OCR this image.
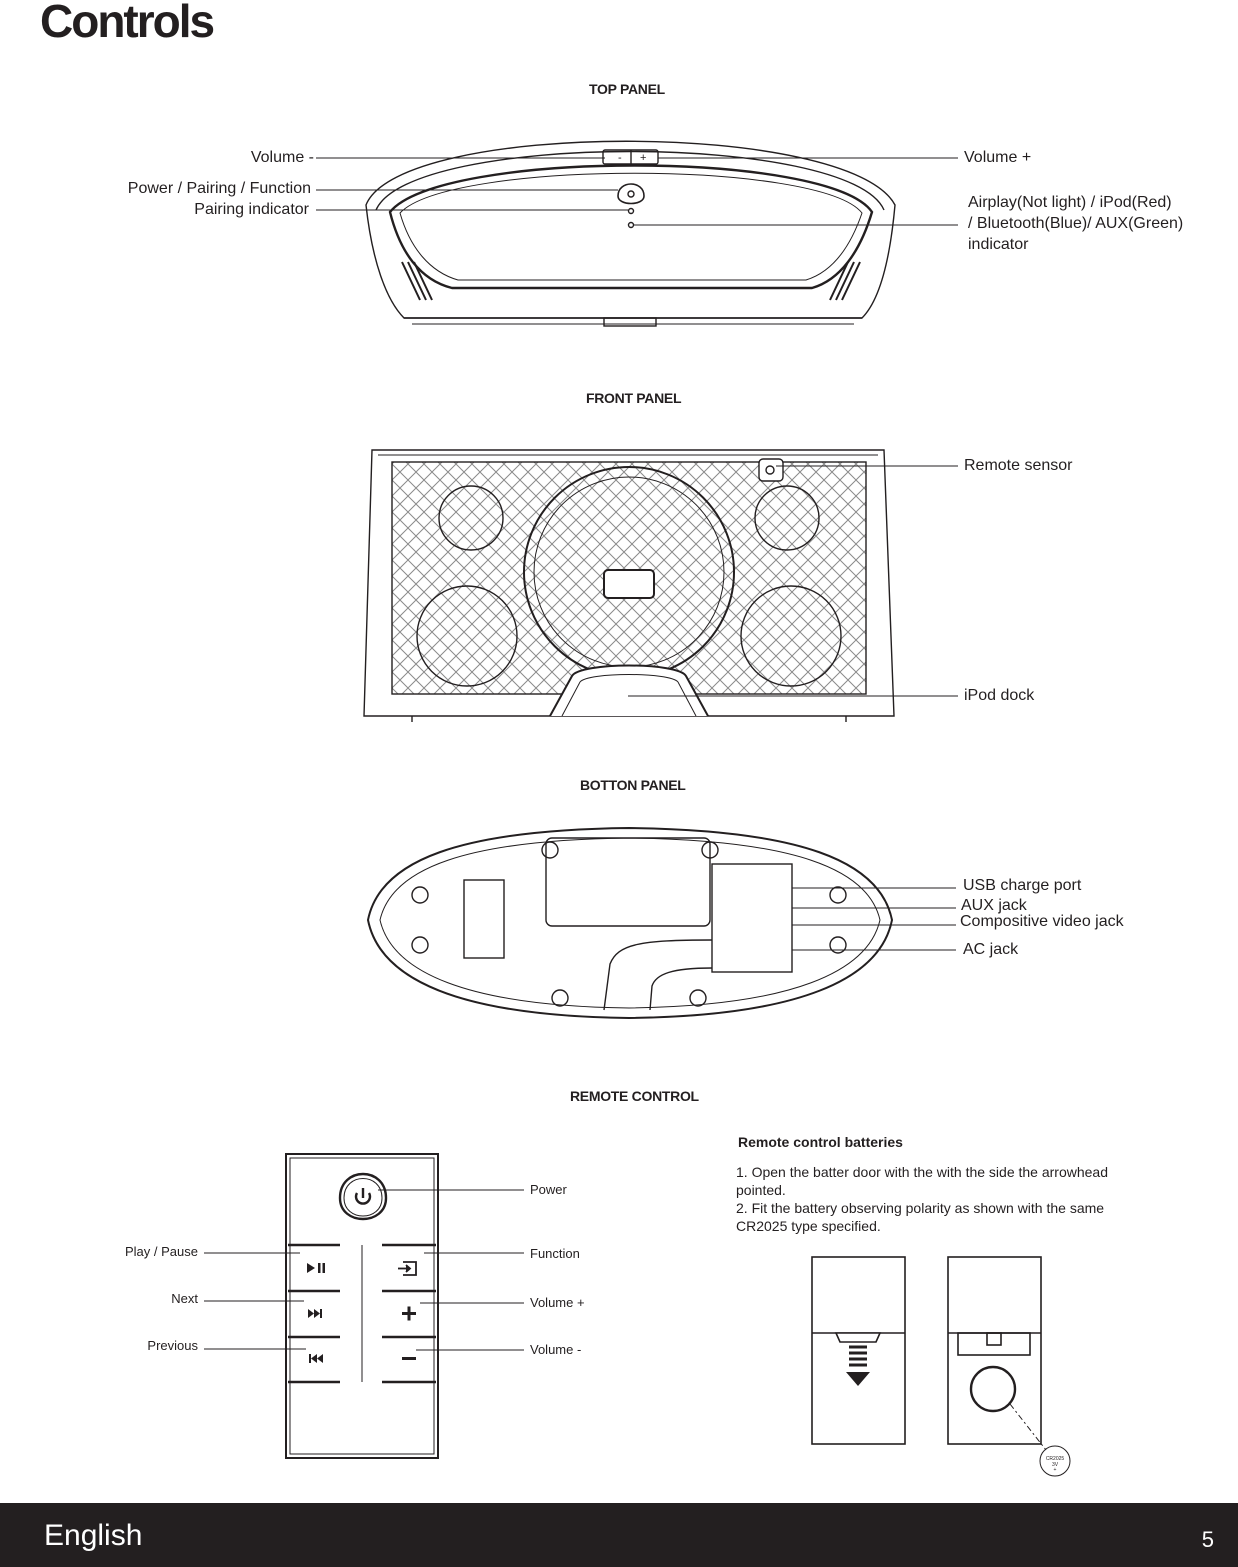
Controls
TOP PANEL
- +
Volume -
Power / Pairing / Function
Pairing indicator
Volume +
Airplay(Not light) / iPod(Red)
/ Bluetooth(Blue)/ AUX(Green)
indicator
FRONT PANEL
Remote sensor
iPod dock
BOTTON PANEL
USB charge port
AUX jack
Compositive video jack
AC jack
REMOTE CONTROL
CR2025
3V
+
Power
Function
Volume +
Volume -
Play / Pause
Next
Previous
Remote control batteries

1. Open the batter door with the with the side the arrowhead pointed.

2. Fit the battery observing polarity as shown with the same CR2025 type specified.

English	5
